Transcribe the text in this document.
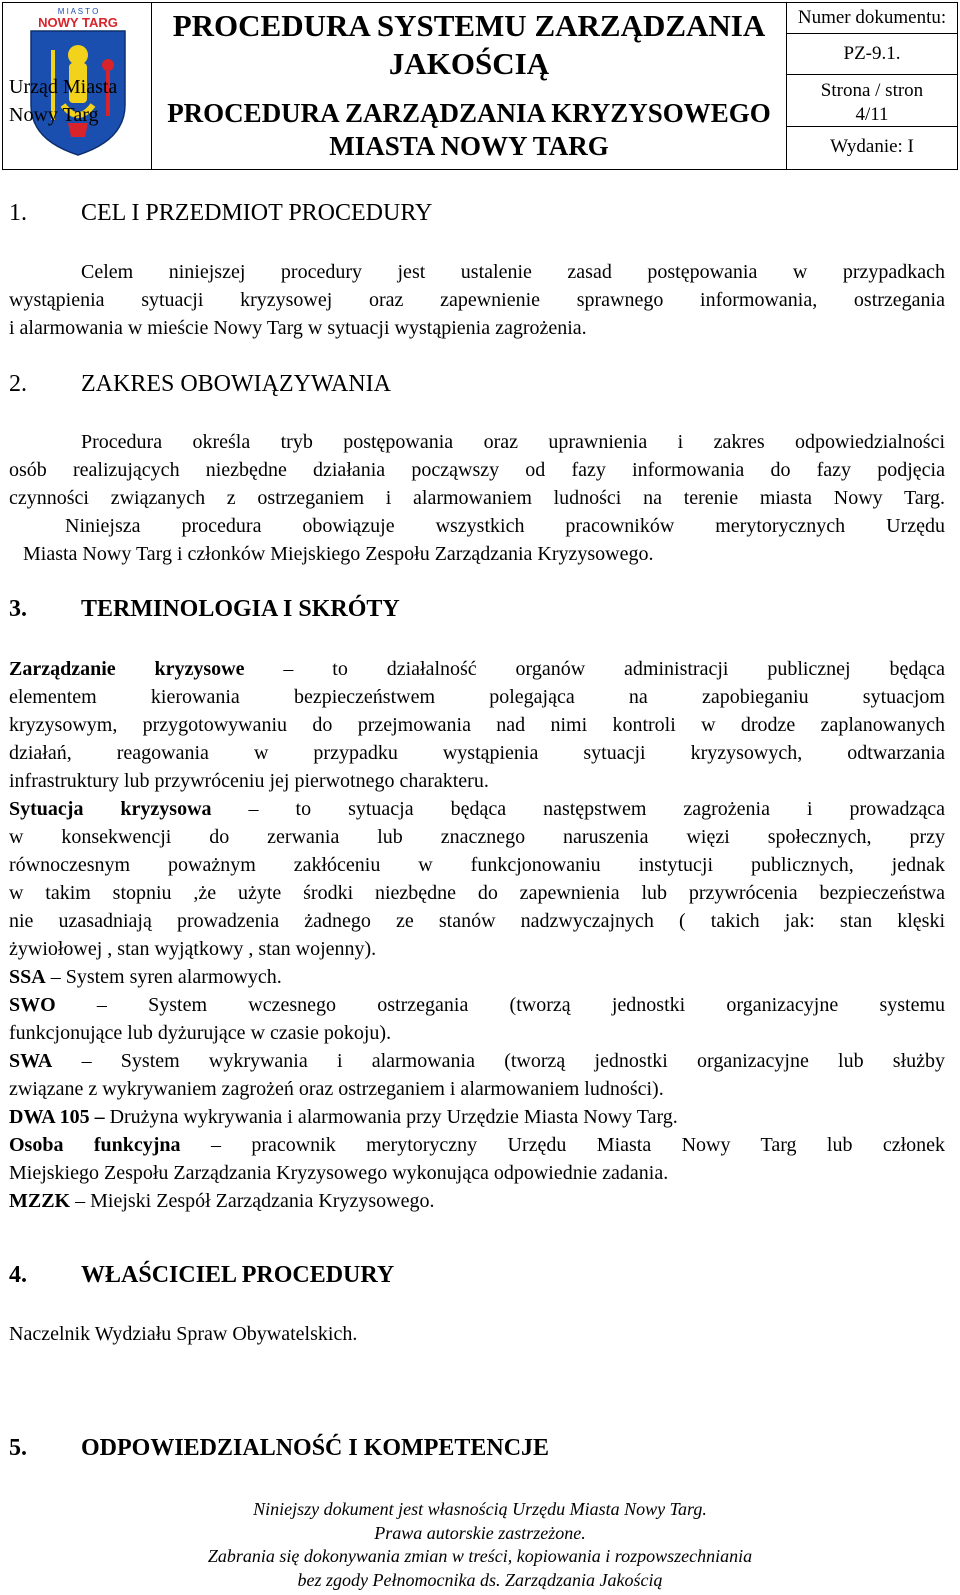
M I A S T O
NOWY TARG
Urząd Miasta Nowy Targ
PROCEDURA SYSTEMU ZARZĄDZANIA JAKOŚCIĄ
PROCEDURA ZARZĄDZANIA KRYZYSOWEGO MIASTA NOWY TARG
Numer dokumentu:
PZ-9.1.
Strona / stron
4/11
Wydanie: I
1. CEL I PRZEDMIOT PROCEDURY
Celem niniejszej procedury jest ustalenie zasad postępowania w przypadkach
wystąpienia sytuacji kryzysowej oraz zapewnienie sprawnego informowania, ostrzegania
i alarmowania w mieście Nowy Targ w sytuacji wystąpienia zagrożenia.
2. ZAKRES OBOWIĄZYWANIA
Procedura określa tryb postępowania oraz uprawnienia i zakres odpowiedzialności
osób realizujących niezbędne działania począwszy od fazy informowania do fazy podjęcia
czynności związanych z ostrzeganiem i alarmowaniem ludności na terenie miasta Nowy Targ.
Niniejsza procedura obowiązuje wszystkich pracowników merytorycznych Urzędu
Miasta Nowy Targ i członków Miejskiego Zespołu Zarządzania Kryzysowego.
3. TERMINOLOGIA I SKRÓTY
Zarządzanie kryzysowe – to działalność organów administracji publicznej będąca
elementem kierowania bezpieczeństwem polegająca na zapobieganiu sytuacjom
kryzysowym, przygotowywaniu do przejmowania nad nimi kontroli w drodze zaplanowanych
działań, reagowania w przypadku wystąpienia sytuacji kryzysowych, odtwarzania
infrastruktury lub przywróceniu jej pierwotnego charakteru.
Sytuacja kryzysowa – to sytuacja będąca następstwem zagrożenia i prowadząca
w konsekwencji do zerwania lub znacznego naruszenia więzi społecznych, przy
równoczesnym poważnym zakłóceniu w funkcjonowaniu instytucji publicznych, jednak
w takim stopniu ,że użyte środki niezbędne do zapewnienia lub przywrócenia bezpieczeństwa
nie uzasadniają prowadzenia żadnego ze stanów nadzwyczajnych ( takich jak: stan klęski
żywiołowej , stan wyjątkowy , stan wojenny).
SSA – System syren alarmowych.
SWO – System wczesnego ostrzegania (tworzą jednostki organizacyjne systemu
funkcjonujące lub dyżurujące w czasie pokoju).
SWA – System wykrywania i alarmowania (tworzą jednostki organizacyjne lub służby
związane z wykrywaniem zagrożeń oraz ostrzeganiem i alarmowaniem ludności).
DWA 105 – Drużyna wykrywania i alarmowania przy Urzędzie Miasta Nowy Targ.
Osoba funkcyjna – pracownik merytoryczny Urzędu Miasta Nowy Targ lub członek
Miejskiego Zespołu Zarządzania Kryzysowego wykonująca odpowiednie zadania.
MZZK – Miejski Zespół Zarządzania Kryzysowego.
4. WŁAŚCICIEL PROCEDURY
Naczelnik Wydziału Spraw Obywatelskich.
5. ODPOWIEDZIALNOŚĆ I KOMPETENCJE
Niniejszy dokument jest własnością Urzędu Miasta Nowy Targ.
Prawa autorskie zastrzeżone.
Zabrania się dokonywania zmian w treści, kopiowania i rozpowszechniania
bez zgody Pełnomocnika ds. Zarządzania Jakością
